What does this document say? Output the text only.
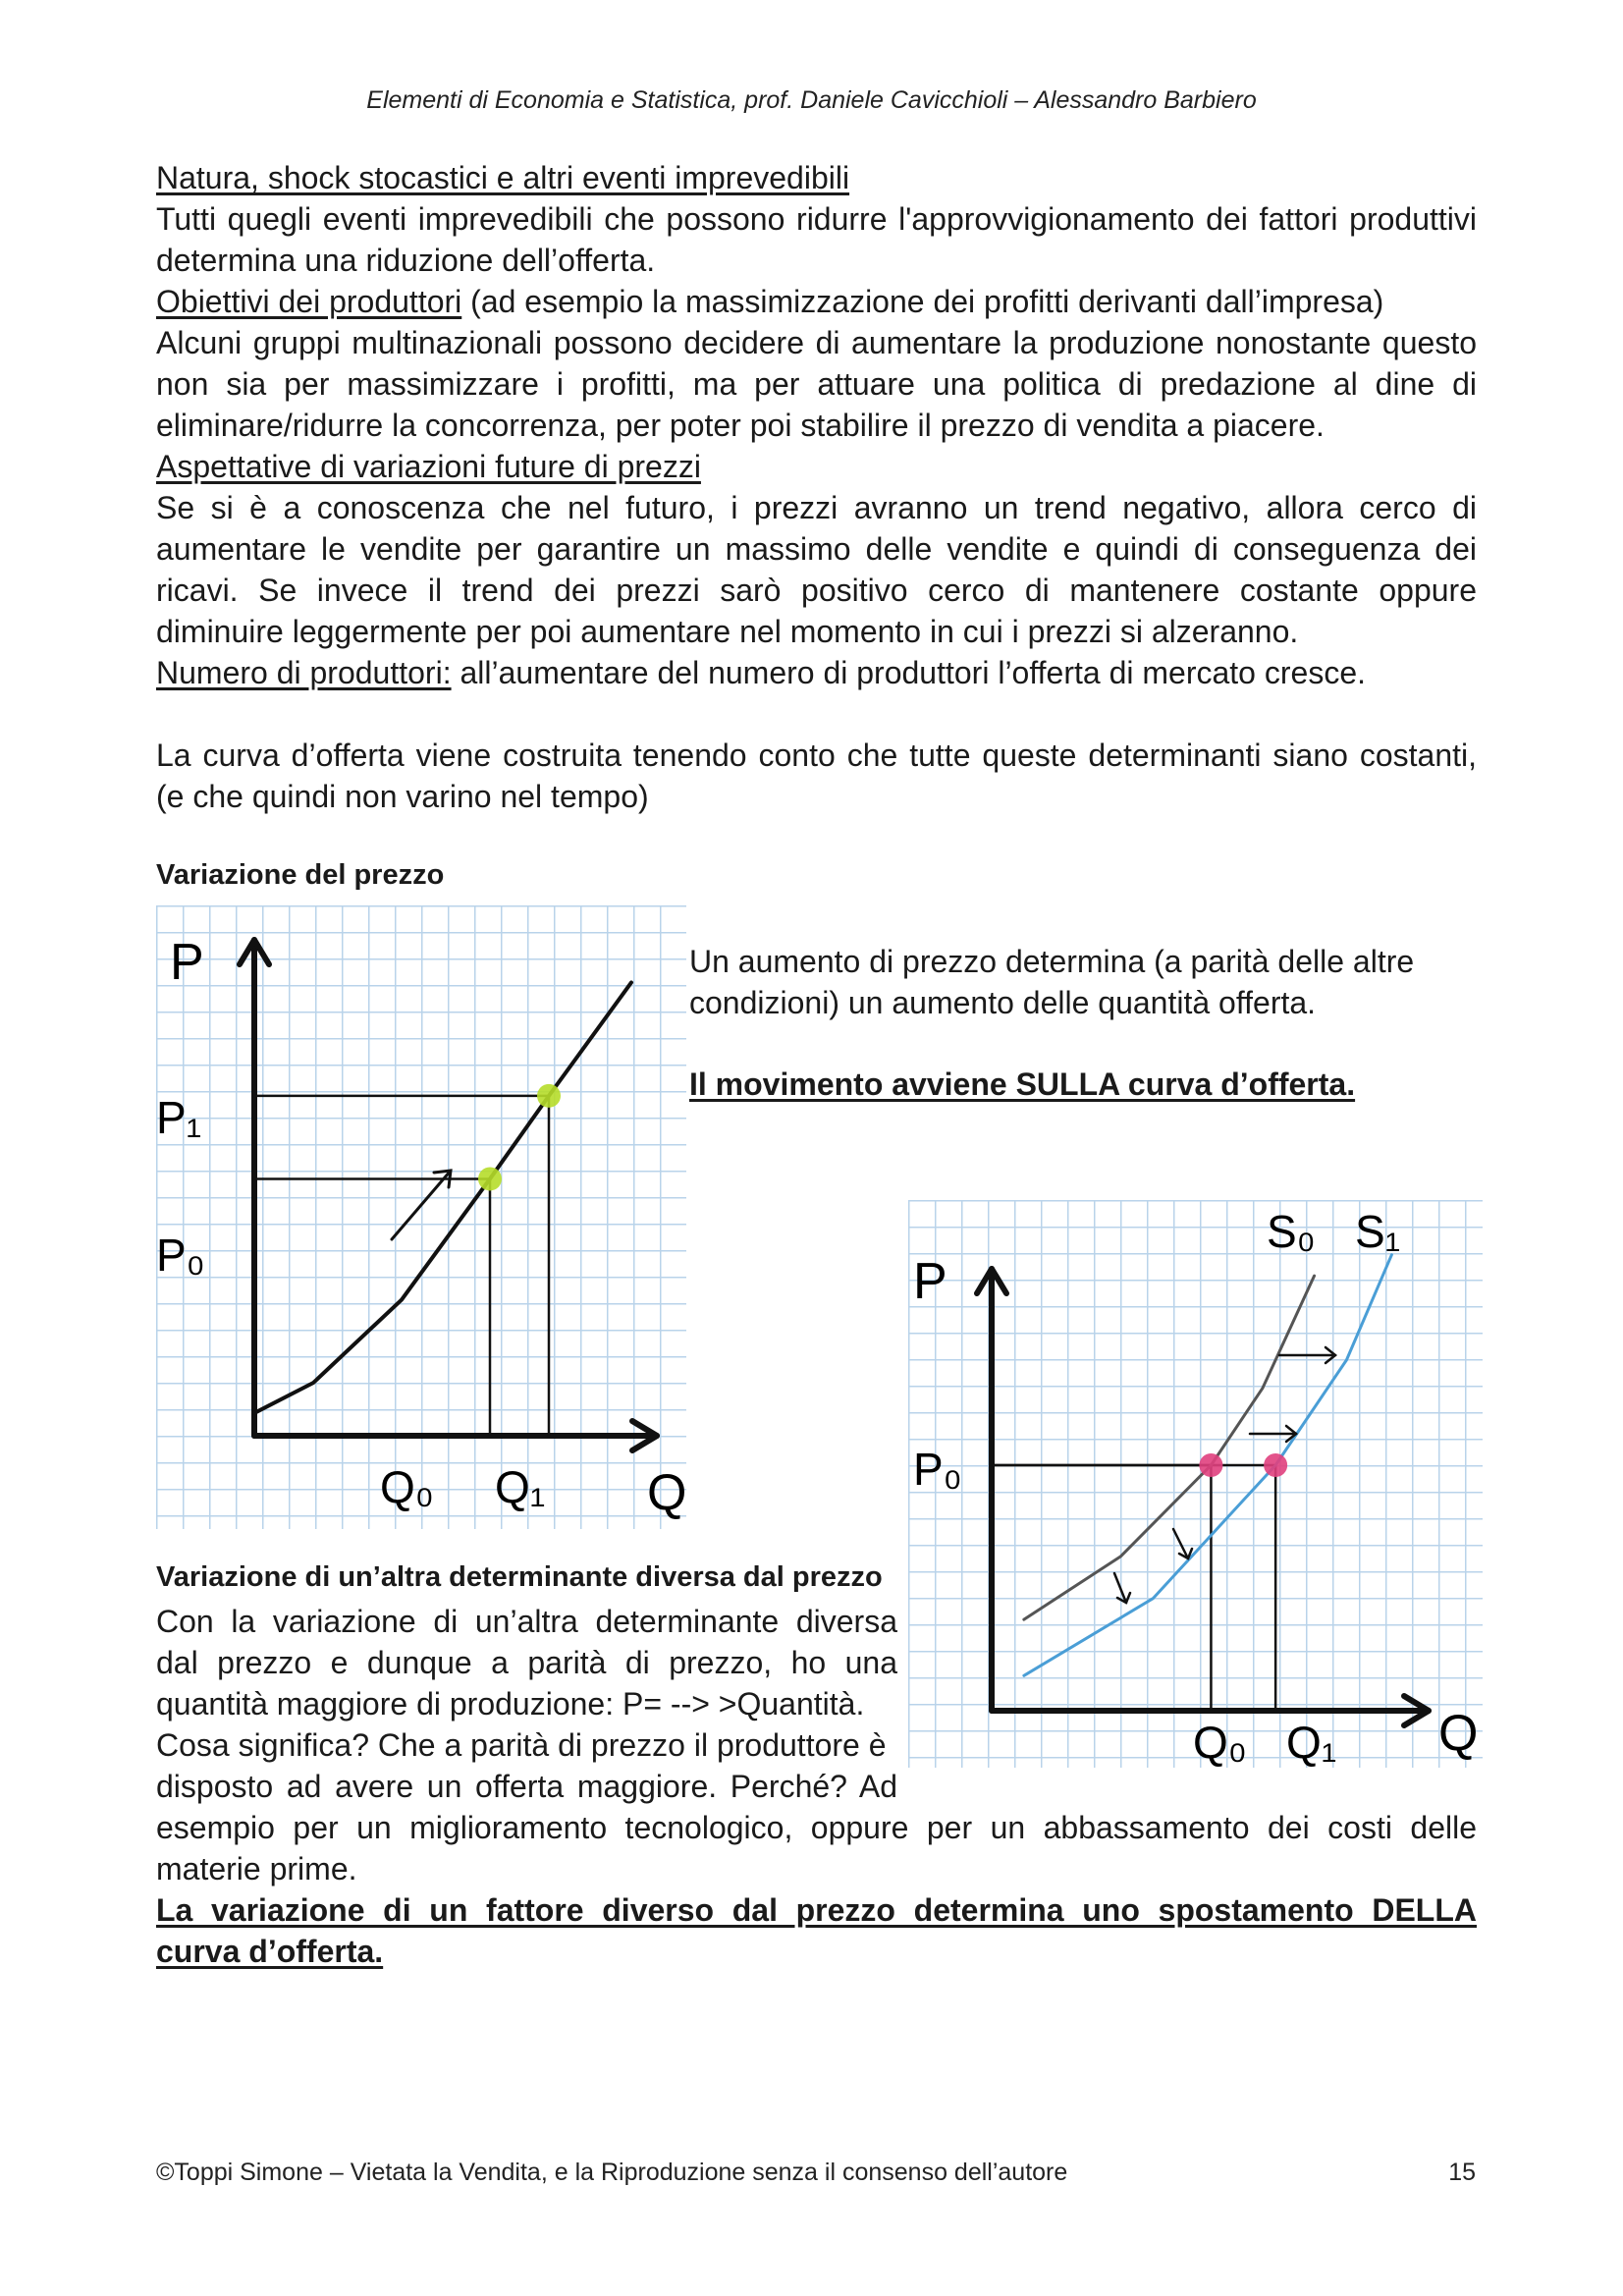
Elementi di Economia e Statistica, prof. Daniele Cavicchioli – Alessandro Barbiero
Natura, shock stocastici e altri eventi imprevedibili
Tutti quegli eventi imprevedibili che possono ridurre l'approvvigionamento dei fattori produttivi
determina una riduzione dell’offerta.
Obiettivi dei produttori (ad esempio la massimizzazione dei profitti derivanti dall’impresa)
Alcuni gruppi multinazionali possono decidere di aumentare la produzione nonostante questo
non sia per massimizzare i profitti, ma per attuare una politica di predazione al dine di
eliminare/ridurre la concorrenza, per poter poi stabilire il prezzo di vendita a piacere.
Aspettative di variazioni future di prezzi
Se si è a conoscenza che nel futuro, i prezzi avranno un trend negativo, allora cerco di
aumentare le vendite per garantire un massimo delle vendite e quindi di conseguenza dei
ricavi. Se invece il trend dei prezzi sarò positivo cerco di mantenere costante oppure
diminuire leggermente per poi aumentare nel momento in cui i prezzi si alzeranno.
Numero di produttori: all’aumentare del numero di produttori l’offerta di mercato cresce.
La curva d’offerta viene costruita tenendo conto che tutte queste determinanti siano costanti,
(e che quindi non varino nel tempo)
Variazione del prezzo
P
Q
P₁
P₀
Q₀ Q₁
Un aumento di prezzo determina (a parità delle altre
condizioni) un aumento delle quantità offerta.
Il movimento avviene SULLA curva d’offerta.
P
Q
P₀
Q₀ Q₁
S₀ S₁
Variazione di un’altra determinante diversa dal prezzo
Con la variazione di un’altra determinante diversa
dal prezzo e dunque a parità di prezzo, ho una
quantità maggiore di produzione: P= --> >Quantità.
Cosa significa? Che a parità di prezzo il produttore è
disposto ad avere un offerta maggiore. Perché? Ad
esempio per un miglioramento tecnologico, oppure per un abbassamento dei costi delle
materie prime.
La variazione di un fattore diverso dal prezzo determina uno spostamento DELLA
curva d’offerta.
©Toppi Simone – Vietata la Vendita, e la Riproduzione senza il consenso dell’autore	15
